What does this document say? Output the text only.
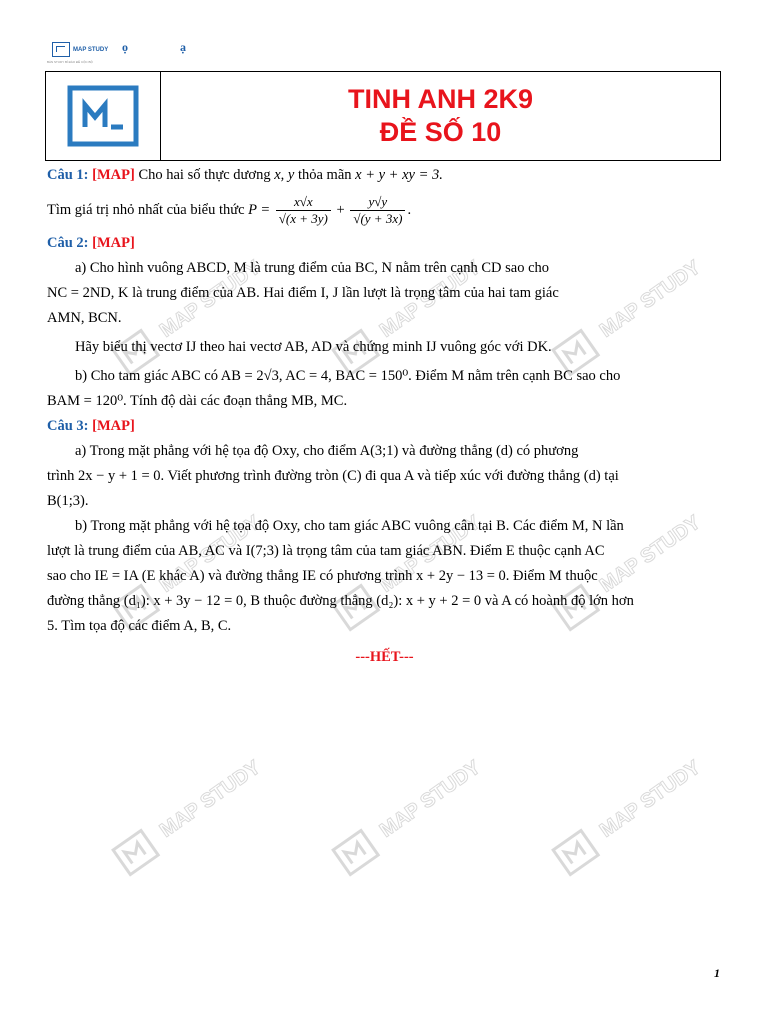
MAP STUDY
BẢN STUDY BÍ ĐẢO ĐỀ CỘC BỘ
ọ	ạ
TINH ANH 2K9
ĐỀ SỐ 10
MAP STUDY	MAP STUDY	MAP STUDY
MAP STUDY	MAP STUDY	MAP STUDY
MAP STUDY	MAP STUDY	MAP STUDY

Câu 1: [MAP] Cho hai số thực dương x, y thỏa mãn x + y + xy = 3.

Tìm giá trị nhỏ nhất của biểu thức $P = \frac{x√x}{√(x + 3y)} + \frac{y√y}{√(y + 3x)}$ .

Câu 2: [MAP]

a) Cho hình vuông ABCD, M là trung điểm của BC, N nằm trên cạnh CD sao cho

NC = 2ND, K là trung điểm của AB. Hai điểm I, J lần lượt là trọng tâm của hai tam giác

AMN, BCN.

Hãy biểu thị vectơ IJ theo hai vectơ AB, AD và chứng minh IJ vuông góc với DK.

b) Cho tam giác ABC có AB = 2√3, AC = 4, BAC = 150⁰. Điểm M nằm trên cạnh BC sao cho

BAM = 120⁰. Tính độ dài các đoạn thẳng MB, MC.

Câu 3: [MAP]

a) Trong mặt phẳng với hệ tọa độ Oxy, cho điểm A(3;1) và đường thẳng (d) có phương

trình 2x − y + 1 = 0. Viết phương trình đường tròn (C) đi qua A và tiếp xúc với đường thẳng (d) tại

B(1;3).

b) Trong mặt phẳng với hệ tọa độ Oxy, cho tam giác ABC vuông cân tại B. Các điểm M, N lần

lượt là trung điểm của AB, AC và I(7;3) là trọng tâm của tam giác ABN. Điểm E thuộc cạnh AC

sao cho IE = IA (E khác A) và đường thẳng IE có phương trình x + 2y − 13 = 0. Điểm M thuộc

đường thẳng (d₁): x + 3y − 12 = 0, B thuộc đường thẳng (d₂): x + y + 2 = 0 và A có hoành độ lớn hơn

5. Tìm tọa độ các điểm A, B, C.

---HẾT---

1
